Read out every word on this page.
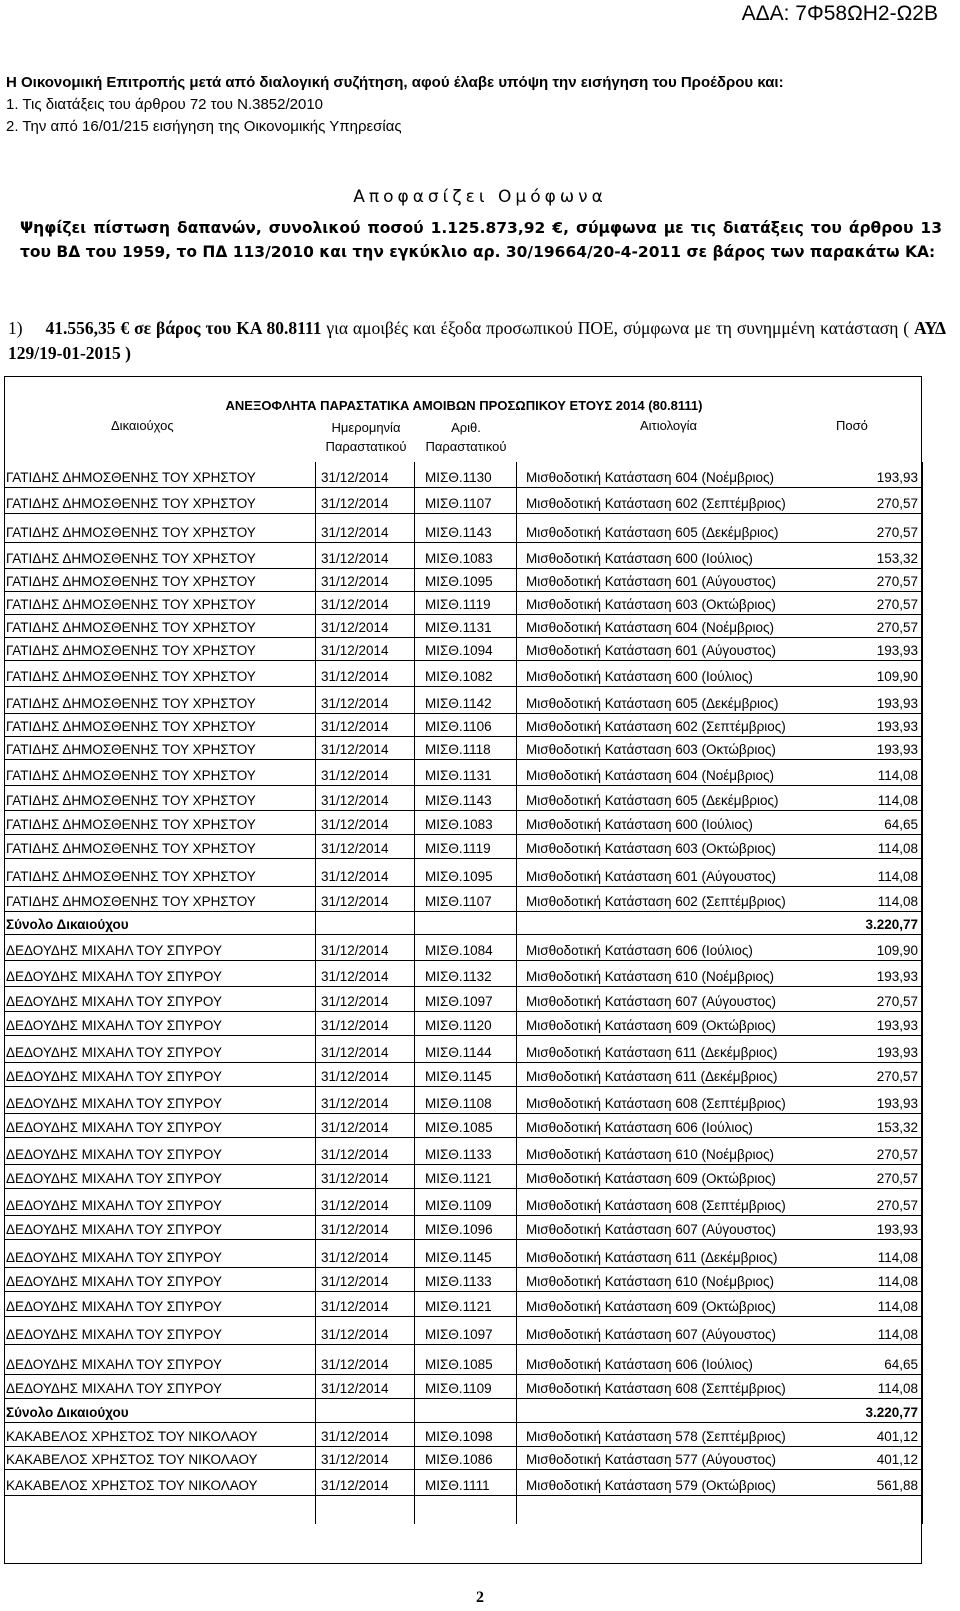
ΑΔΑ: 7Φ58ΩΗ2-Ω2Β
Η Οικονομική Επιτροπής μετά από διαλογική συζήτηση, αφού έλαβε υπόψη την εισήγηση του Προέδρου και:
1. Τις διατάξεις του άρθρου 72 του Ν.3852/2010
2. Την από 16/01/215 εισήγηση της Οικονομικής Υπηρεσίας
Αποφασίζει Ομόφωνα
Ψηφίζει πίστωση δαπανών, συνολικού ποσού 1.125.873,92 €, σύμφωνα με τις διατάξεις του άρθρου 13 του ΒΔ του 1959, το ΠΔ 113/2010 και την εγκύκλιο αρ. 30/19664/20-4-2011 σε βάρος των παρακάτω ΚΑ:
1) 41.556,35 € σε βάρος του ΚΑ 80.8111 για αμοιβές και έξοδα προσωπικού ΠΟΕ, σύμφωνα με τη συνημμένη κατάσταση ( ΑΥΔ 129/19-01-2015 )
ΑΝΕΞΟΦΛΗΤΑ ΠΑΡΑΣΤΑΤΙΚΑ ΑΜΟΙΒΩΝ ΠΡΟΣΩΠΙΚΟΥ ΕΤΟΥΣ 2014 (80.8111)
Δικαιούχος	Ημερομηνία Παραστατικού
Αριθ. Παραστατικού
Αιτιολογία	Ποσό
ΓΑΤΙΔΗΣ ΔΗΜΟΣΘΕΝΗΣ ΤΟΥ ΧΡΗΣΤΟΥ	31/12/2014	ΜΙΣΘ.1130	Μισθοδοτική Κατάσταση 604 (Νοέμβριος)	193,93
ΓΑΤΙΔΗΣ ΔΗΜΟΣΘΕΝΗΣ ΤΟΥ ΧΡΗΣΤΟΥ	31/12/2014	ΜΙΣΘ.1107	Μισθοδοτική Κατάσταση 602 (Σεπτέμβριος)	270,57
ΓΑΤΙΔΗΣ ΔΗΜΟΣΘΕΝΗΣ ΤΟΥ ΧΡΗΣΤΟΥ	31/12/2014	ΜΙΣΘ.1143	Μισθοδοτική Κατάσταση 605 (Δεκέμβριος)	270,57
ΓΑΤΙΔΗΣ ΔΗΜΟΣΘΕΝΗΣ ΤΟΥ ΧΡΗΣΤΟΥ	31/12/2014	ΜΙΣΘ.1083 Μισθοδοτική Κατάσταση 600 (Ιούλιος)	153,32
ΓΑΤΙΔΗΣ ΔΗΜΟΣΘΕΝΗΣ ΤΟΥ ΧΡΗΣΤΟΥ	31/12/2014	ΜΙΣΘ.1095 Μισθοδοτική Κατάσταση 601 (Αύγουστος)	270,57
ΓΑΤΙΔΗΣ ΔΗΜΟΣΘΕΝΗΣ ΤΟΥ ΧΡΗΣΤΟΥ	31/12/2014	ΜΙΣΘ.1119	Μισθοδοτική Κατάσταση 603 (Οκτώβριος)	270,57
ΓΑΤΙΔΗΣ ΔΗΜΟΣΘΕΝΗΣ ΤΟΥ ΧΡΗΣΤΟΥ	31/12/2014	ΜΙΣΘ.1131	Μισθοδοτική Κατάσταση 604 (Νοέμβριος)	270,57
ΓΑΤΙΔΗΣ ΔΗΜΟΣΘΕΝΗΣ ΤΟΥ ΧΡΗΣΤΟΥ	31/12/2014	ΜΙΣΘ.1094 Μισθοδοτική Κατάσταση 601 (Αύγουστος)	193,93
ΓΑΤΙΔΗΣ ΔΗΜΟΣΘΕΝΗΣ ΤΟΥ ΧΡΗΣΤΟΥ	31/12/2014	ΜΙΣΘ.1082 Μισθοδοτική Κατάσταση 600 (Ιούλιος)	109,90
ΓΑΤΙΔΗΣ ΔΗΜΟΣΘΕΝΗΣ ΤΟΥ ΧΡΗΣΤΟΥ	31/12/2014	ΜΙΣΘ.1142	Μισθοδοτική Κατάσταση 605 (Δεκέμβριος)	193,93
ΓΑΤΙΔΗΣ ΔΗΜΟΣΘΕΝΗΣ ΤΟΥ ΧΡΗΣΤΟΥ	31/12/2014	ΜΙΣΘ.1106	Μισθοδοτική Κατάσταση 602 (Σεπτέμβριος)	193,93
ΓΑΤΙΔΗΣ ΔΗΜΟΣΘΕΝΗΣ ΤΟΥ ΧΡΗΣΤΟΥ	31/12/2014	ΜΙΣΘ.1118	Μισθοδοτική Κατάσταση 603 (Οκτώβριος)	193,93
ΓΑΤΙΔΗΣ ΔΗΜΟΣΘΕΝΗΣ ΤΟΥ ΧΡΗΣΤΟΥ	31/12/2014	ΜΙΣΘ.1131	Μισθοδοτική Κατάσταση 604 (Νοέμβριος)	114,08
ΓΑΤΙΔΗΣ ΔΗΜΟΣΘΕΝΗΣ ΤΟΥ ΧΡΗΣΤΟΥ	31/12/2014	ΜΙΣΘ.1143	Μισθοδοτική Κατάσταση 605 (Δεκέμβριος)	114,08
ΓΑΤΙΔΗΣ ΔΗΜΟΣΘΕΝΗΣ ΤΟΥ ΧΡΗΣΤΟΥ	31/12/2014	ΜΙΣΘ.1083 Μισθοδοτική Κατάσταση 600 (Ιούλιος)	64,65
ΓΑΤΙΔΗΣ ΔΗΜΟΣΘΕΝΗΣ ΤΟΥ ΧΡΗΣΤΟΥ	31/12/2014	ΜΙΣΘ.1119	Μισθοδοτική Κατάσταση 603 (Οκτώβριος)	114,08
ΓΑΤΙΔΗΣ ΔΗΜΟΣΘΕΝΗΣ ΤΟΥ ΧΡΗΣΤΟΥ	31/12/2014	ΜΙΣΘ.1095 Μισθοδοτική Κατάσταση 601 (Αύγουστος)	114,08
ΓΑΤΙΔΗΣ ΔΗΜΟΣΘΕΝΗΣ ΤΟΥ ΧΡΗΣΤΟΥ	31/12/2014	ΜΙΣΘ.1107	Μισθοδοτική Κατάσταση 602 (Σεπτέμβριος)	114,08
Σύνολο Δικαιούχου	3.220,77
ΔΕΔΟΥΔΗΣ ΜΙΧΑΗΛ ΤΟΥ ΣΠΥΡΟΥ	31/12/2014	ΜΙΣΘ.1084 Μισθοδοτική Κατάσταση 606 (Ιούλιος)	109,90
ΔΕΔΟΥΔΗΣ ΜΙΧΑΗΛ ΤΟΥ ΣΠΥΡΟΥ	31/12/2014	ΜΙΣΘ.1132	Μισθοδοτική Κατάσταση 610 (Νοέμβριος)	193,93
ΔΕΔΟΥΔΗΣ ΜΙΧΑΗΛ ΤΟΥ ΣΠΥΡΟΥ	31/12/2014	ΜΙΣΘ.1097 Μισθοδοτική Κατάσταση 607 (Αύγουστος)	270,57
ΔΕΔΟΥΔΗΣ ΜΙΧΑΗΛ ΤΟΥ ΣΠΥΡΟΥ	31/12/2014	ΜΙΣΘ.1120	Μισθοδοτική Κατάσταση 609 (Οκτώβριος)	193,93
ΔΕΔΟΥΔΗΣ ΜΙΧΑΗΛ ΤΟΥ ΣΠΥΡΟΥ	31/12/2014	ΜΙΣΘ.1144	Μισθοδοτική Κατάσταση 611 (Δεκέμβριος)	193,93
ΔΕΔΟΥΔΗΣ ΜΙΧΑΗΛ ΤΟΥ ΣΠΥΡΟΥ	31/12/2014	ΜΙΣΘ.1145	Μισθοδοτική Κατάσταση 611 (Δεκέμβριος)	270,57
ΔΕΔΟΥΔΗΣ ΜΙΧΑΗΛ ΤΟΥ ΣΠΥΡΟΥ	31/12/2014	ΜΙΣΘ.1108	Μισθοδοτική Κατάσταση 608 (Σεπτέμβριος)	193,93
ΔΕΔΟΥΔΗΣ ΜΙΧΑΗΛ ΤΟΥ ΣΠΥΡΟΥ	31/12/2014	ΜΙΣΘ.1085 Μισθοδοτική Κατάσταση 606 (Ιούλιος)	153,32
ΔΕΔΟΥΔΗΣ ΜΙΧΑΗΛ ΤΟΥ ΣΠΥΡΟΥ	31/12/2014	ΜΙΣΘ.1133	Μισθοδοτική Κατάσταση 610 (Νοέμβριος)	270,57
ΔΕΔΟΥΔΗΣ ΜΙΧΑΗΛ ΤΟΥ ΣΠΥΡΟΥ	31/12/2014	ΜΙΣΘ.1121	Μισθοδοτική Κατάσταση 609 (Οκτώβριος)	270,57
ΔΕΔΟΥΔΗΣ ΜΙΧΑΗΛ ΤΟΥ ΣΠΥΡΟΥ	31/12/2014	ΜΙΣΘ.1109	Μισθοδοτική Κατάσταση 608 (Σεπτέμβριος)	270,57
ΔΕΔΟΥΔΗΣ ΜΙΧΑΗΛ ΤΟΥ ΣΠΥΡΟΥ	31/12/2014	ΜΙΣΘ.1096 Μισθοδοτική Κατάσταση 607 (Αύγουστος)	193,93
ΔΕΔΟΥΔΗΣ ΜΙΧΑΗΛ ΤΟΥ ΣΠΥΡΟΥ	31/12/2014	ΜΙΣΘ.1145	Μισθοδοτική Κατάσταση 611 (Δεκέμβριος)	114,08
ΔΕΔΟΥΔΗΣ ΜΙΧΑΗΛ ΤΟΥ ΣΠΥΡΟΥ	31/12/2014	ΜΙΣΘ.1133	Μισθοδοτική Κατάσταση 610 (Νοέμβριος)	114,08
ΔΕΔΟΥΔΗΣ ΜΙΧΑΗΛ ΤΟΥ ΣΠΥΡΟΥ	31/12/2014	ΜΙΣΘ.1121	Μισθοδοτική Κατάσταση 609 (Οκτώβριος)	114,08
ΔΕΔΟΥΔΗΣ ΜΙΧΑΗΛ ΤΟΥ ΣΠΥΡΟΥ	31/12/2014	ΜΙΣΘ.1097 Μισθοδοτική Κατάσταση 607 (Αύγουστος)	114,08
ΔΕΔΟΥΔΗΣ ΜΙΧΑΗΛ ΤΟΥ ΣΠΥΡΟΥ	31/12/2014	ΜΙΣΘ.1085 Μισθοδοτική Κατάσταση 606 (Ιούλιος)	64,65
ΔΕΔΟΥΔΗΣ ΜΙΧΑΗΛ ΤΟΥ ΣΠΥΡΟΥ	31/12/2014	ΜΙΣΘ.1109	Μισθοδοτική Κατάσταση 608 (Σεπτέμβριος)	114,08
Σύνολο Δικαιούχου	3.220,77
ΚΑΚΑΒΕΛΟΣ ΧΡΗΣΤΟΣ ΤΟΥ ΝΙΚΟΛΑΟΥ	31/12/2014	ΜΙΣΘ.1098 Μισθοδοτική Κατάσταση 578 (Σεπτέμβριος)	401,12
ΚΑΚΑΒΕΛΟΣ ΧΡΗΣΤΟΣ ΤΟΥ ΝΙΚΟΛΑΟΥ	31/12/2014	ΜΙΣΘ.1086 Μισθοδοτική Κατάσταση 577 (Αύγουστος)	401,12
ΚΑΚΑΒΕΛΟΣ ΧΡΗΣΤΟΣ ΤΟΥ ΝΙΚΟΛΑΟΥ	31/12/2014	ΜΙΣΘ.1111	Μισθοδοτική Κατάσταση 579 (Οκτώβριος)	561,88
2
